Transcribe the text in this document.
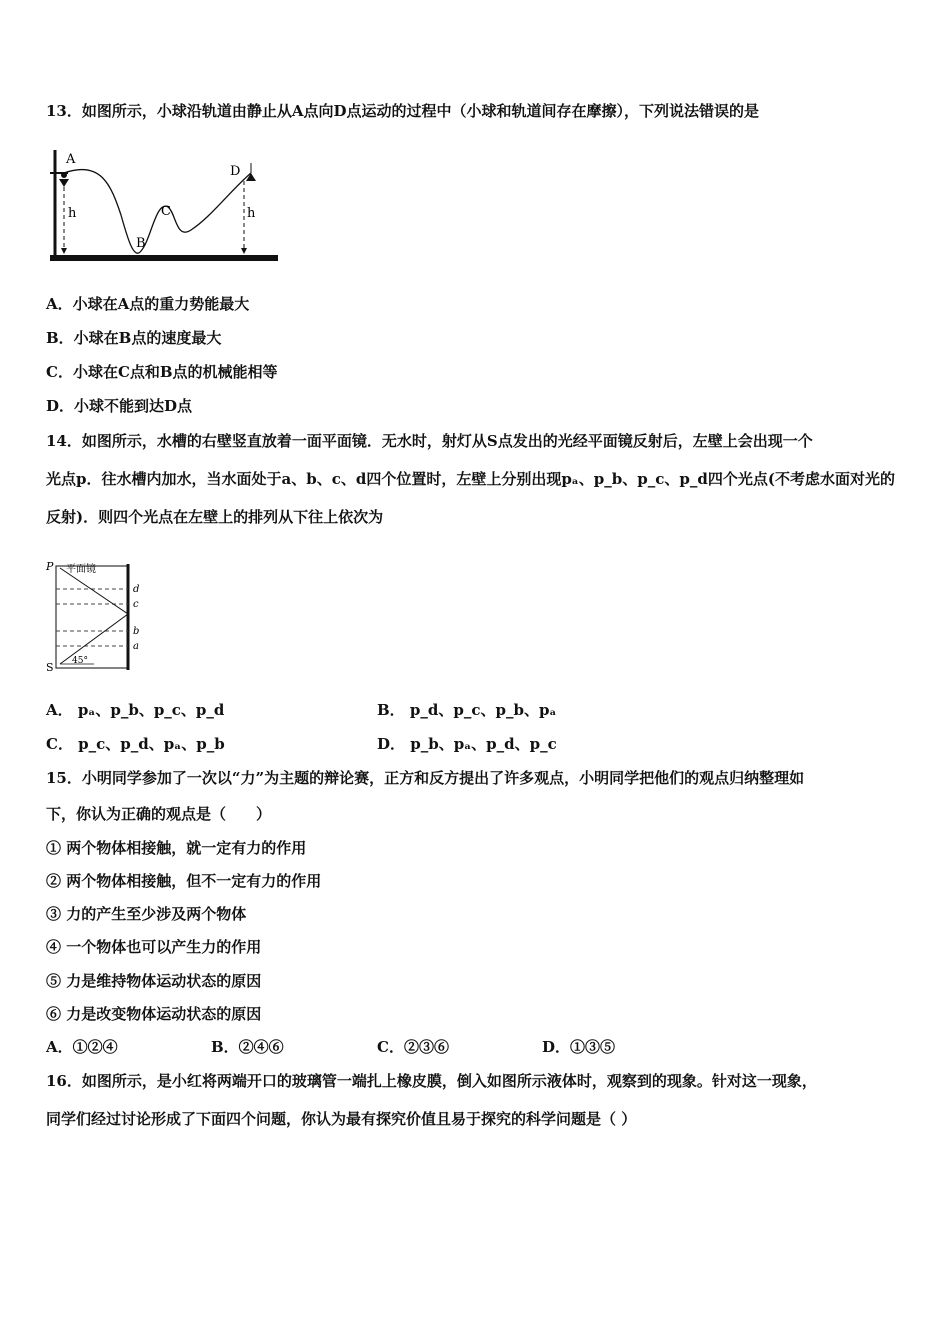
13．如图所示，小球沿轨道由静止从A点向D点运动的过程中（小球和轨道间存在摩擦），下列说法错误的是
A
B
C
D
h	h
A．小球在A点的重力势能最大
B．小球在B点的速度最大
C．小球在C点和B点的机械能相等
D．小球不能到达D点
14．如图所示，水槽的右壁竖直放着一面平面镜．无水时，射灯从S点发出的光经平面镜反射后，左壁上会出现一个
光点p．往水槽内加水，当水面处于a、b、c、d四个位置时，左壁上分别出现pₐ、p_b、p_c、p_d四个光点(不考虑水面对光的
反射)．则四个光点在左壁上的排列从下往上依次为
P 平面镜
d
c
b
a
S 45°
A． pₐ、p_b、p_c、p_d	B． p_d、p_c、p_b、pₐ
C． p_c、p_d、pₐ、p_b	D． p_b、pₐ、p_d、p_c
15．小明同学参加了一次以“力”为主题的辩论赛，正方和反方提出了许多观点，小明同学把他们的观点归纳整理如
下，你认为正确的观点是（　　）
① 两个物体相接触，就一定有力的作用
② 两个物体相接触，但不一定有力的作用
③ 力的产生至少涉及两个物体
④ 一个物体也可以产生力的作用
⑤ 力是维持物体运动状态的原因
⑥ 力是改变物体运动状态的原因
A．①②④	B．②④⑥	C．②③⑥	D．①③⑤
16．如图所示，是小红将两端开口的玻璃管一端扎上橡皮膜，倒入如图所示液体时，观察到的现象。针对这一现象，
同学们经过讨论形成了下面四个问题，你认为最有探究价值且易于探究的科学问题是（ ）
